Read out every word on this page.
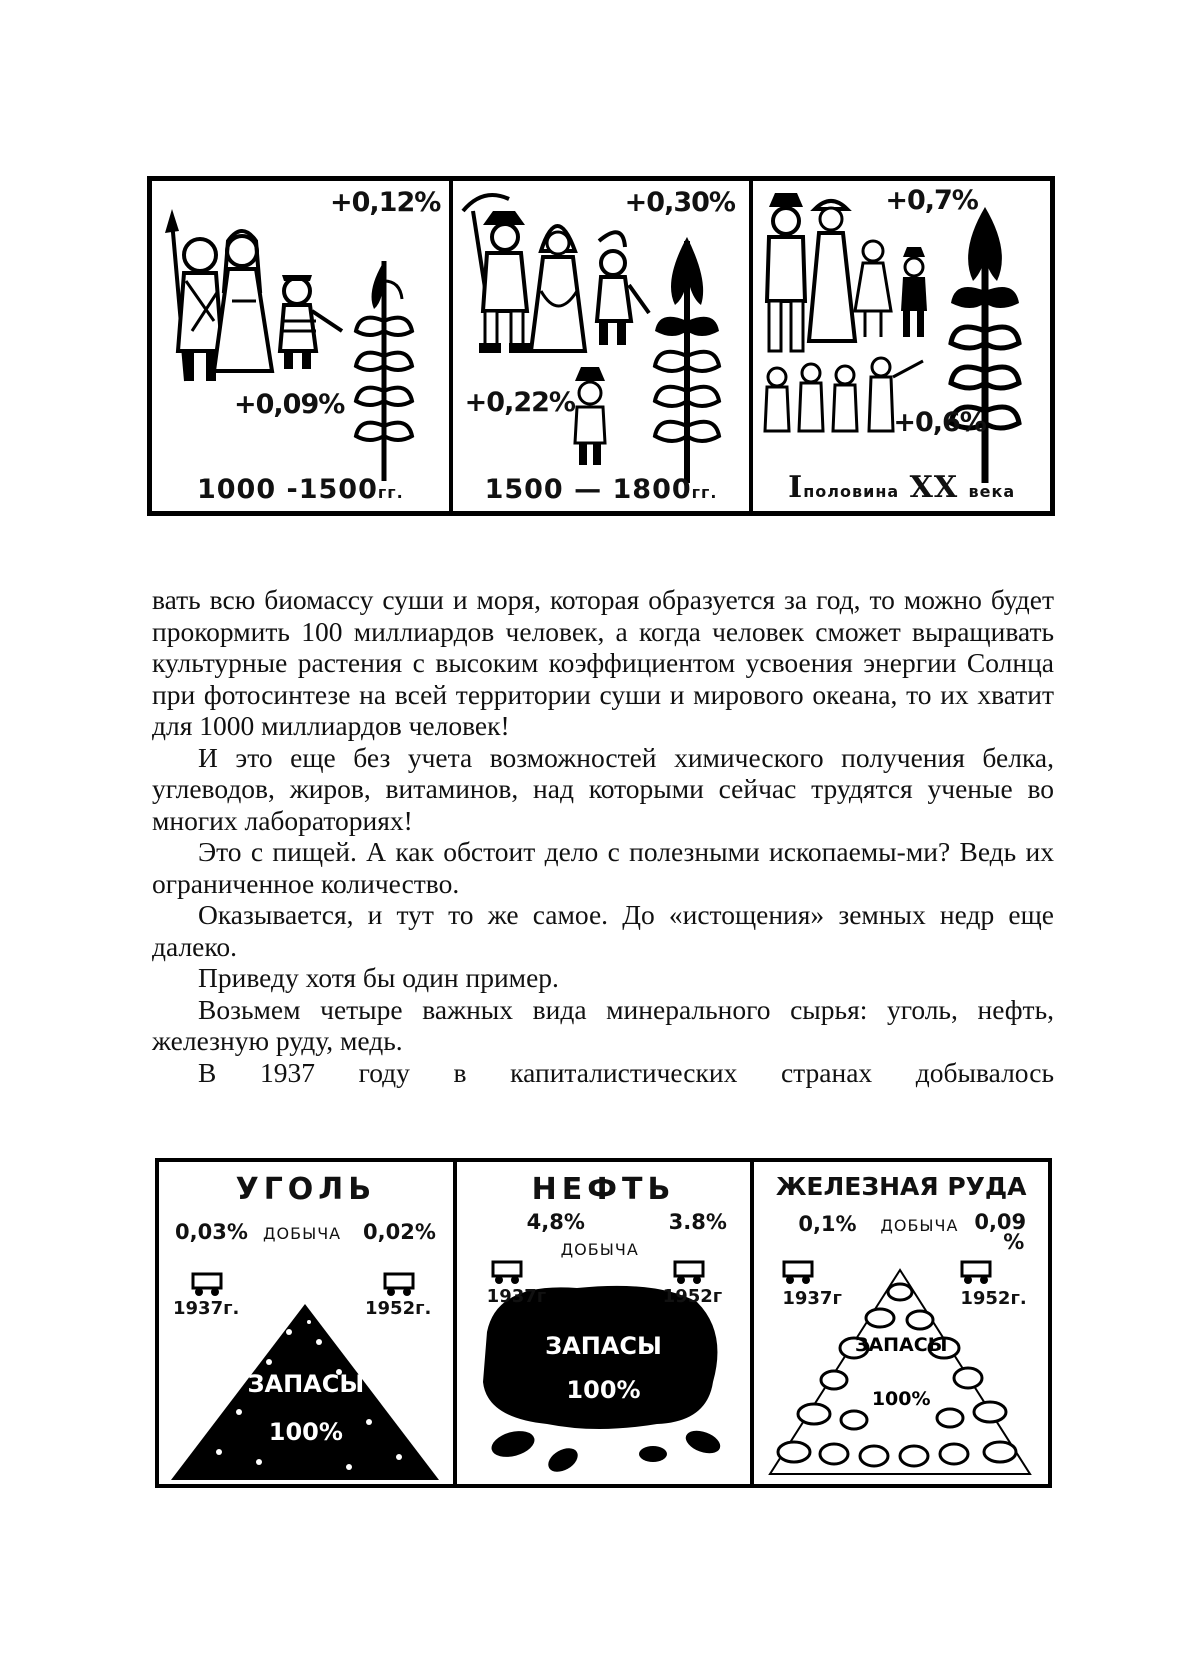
+0,12%
+0,09%
1000 -1500гг.
+0,30%
+0,22%
1500 — 1800гг.
+0,7%
+0,6%
Iполовина XX века

вать всю биомассу суши и моря, которая образуется за год, то можно будет прокормить 100 миллиардов человек, а когда человек сможет выращивать культурные растения с высоким коэффициентом усвоения энергии Солнца при фотосинтезе на всей территории суши и мирового океана, то их хватит для 1000 миллиардов человек!

И это еще без учета возможностей химического получения белка, углеводов, жиров, витаминов, над которыми сейчас трудятся ученые во многих лабораториях!

Это с пищей. А как обстоит дело с полезными ископаемы-ми? Ведь их ограниченное количество.

Оказывается, и тут то же самое. До «истощения» земных недр еще далеко.

Приведу хотя бы один пример.

Возьмем четыре важных вида минерального сырья: уголь, нефть, железную руду, медь.

В 1937 году в капиталистических странах добывалось

УГОЛЬ
0,03% ДОБЫЧА 0,02%
1937г.	1952г.
ЗАПАСЫ
100%
НЕФТЬ
4,8%	3.8%
ДОБЫЧА
1937г	1952г
ЗАПАСЫ
100%
ЖЕЛЕЗНАЯ РУДА
0,1% ДОБЫЧА 0,09 %
1937г	1952г.
ЗАПАСЫ
100%
